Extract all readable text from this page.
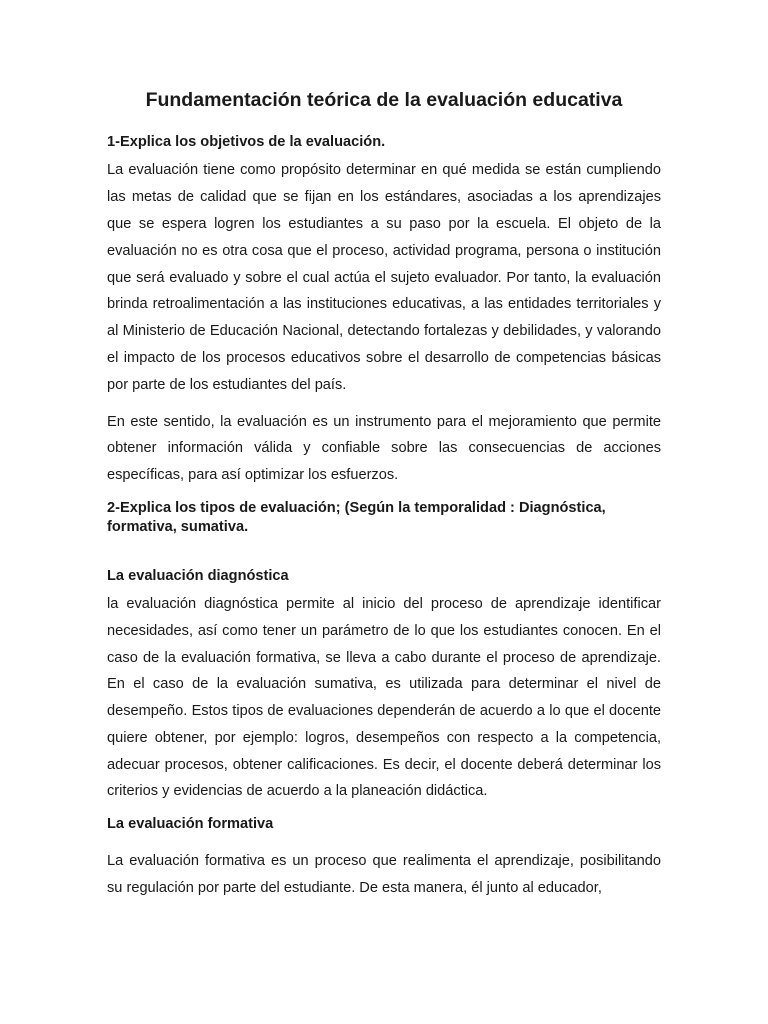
Fundamentación teórica de la evaluación educativa
1-Explica los objetivos de la evaluación.

La evaluación tiene como propósito determinar en qué medida se están cumpliendo las metas de calidad que se fijan en los estándares, asociadas a los aprendizajes que se espera logren los estudiantes a su paso por la escuela. El objeto de la evaluación no es otra cosa que el proceso, actividad programa, persona o institución que será evaluado y sobre el cual actúa el sujeto evaluador. Por tanto, la evaluación brinda retroalimentación a las instituciones educativas, a las entidades territoriales y al Ministerio de Educación Nacional, detectando fortalezas y debilidades, y valorando el impacto de los procesos educativos sobre el desarrollo de competencias básicas por parte de los estudiantes del país.

En este sentido, la evaluación es un instrumento para el mejoramiento que permite obtener información válida y confiable sobre las consecuencias de acciones específicas, para así optimizar los esfuerzos.

2-Explica los tipos de evaluación; (Según la temporalidad : Diagnóstica, formativa, sumativa.
La evaluación diagnóstica

la evaluación diagnóstica permite al inicio del proceso de aprendizaje identificar necesidades, así como tener un parámetro de lo que los estudiantes conocen. En el caso de la evaluación formativa, se lleva a cabo durante el proceso de aprendizaje. En el caso de la evaluación sumativa, es utilizada para determinar el nivel de desempeño. Estos tipos de evaluaciones dependerán de acuerdo a lo que el docente quiere obtener, por ejemplo: logros, desempeños con respecto a la competencia, adecuar procesos, obtener calificaciones. Es decir, el docente deberá determinar los criterios y evidencias de acuerdo a la planeación didáctica.

La evaluación formativa

La evaluación formativa es un proceso que realimenta el aprendizaje, posibilitando su regulación por parte del estudiante. De esta manera, él junto al educador,
